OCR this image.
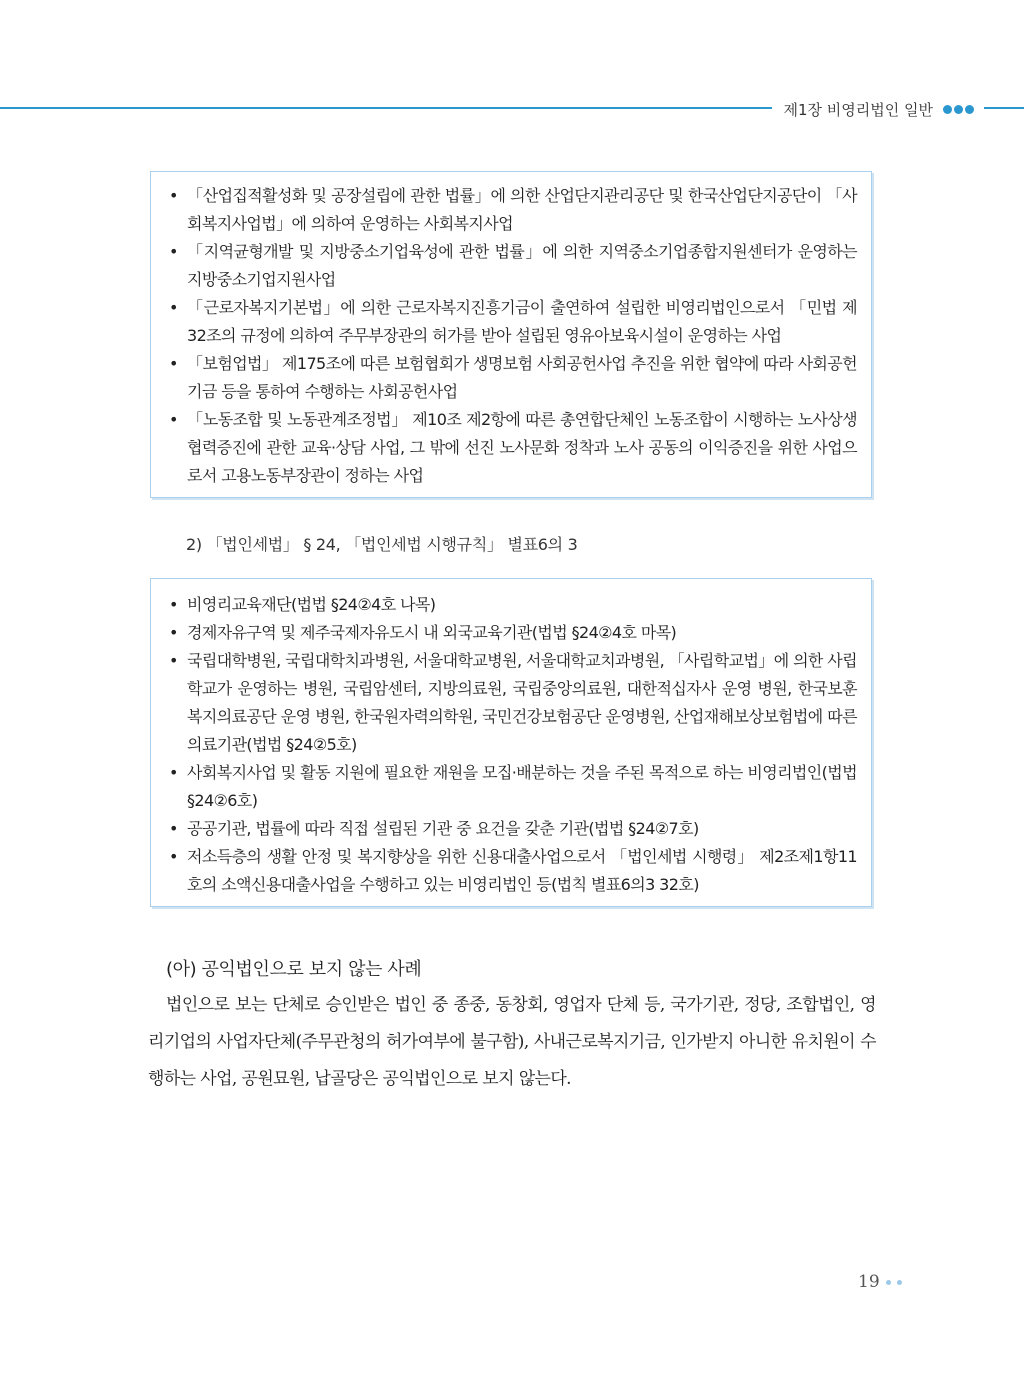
제1장 비영리법인 일반
• 「산업집적활성화 및 공장설립에 관한 법률」에 의한 산업단지관리공단 및 한국산업단지공단이 「사회복지사업법」에 의하여 운영하는 사회복지사업
• 「지역균형개발 및 지방중소기업육성에 관한 법률」에 의한 지역중소기업종합지원센터가 운영하는 지방중소기업지원사업
• 「근로자복지기본법」에 의한 근로자복지진흥기금이 출연하여 설립한 비영리법인으로서 「민법 제32조의 규정에 의하여 주무부장관의 허가를 받아 설립된 영유아보육시설이 운영하는 사업
• 「보험업법」 제175조에 따른 보험협회가 생명보험 사회공헌사업 추진을 위한 협약에 따라 사회공헌기금 등을 통하여 수행하는 사회공헌사업
• 「노동조합 및 노동관계조정법」 제10조 제2항에 따른 총연합단체인 노동조합이 시행하는 노사상생협력증진에 관한 교육·상담 사업, 그 밖에 선진 노사문화 정착과 노사 공동의 이익증진을 위한 사업으로서 고용노동부장관이 정하는 사업
2) 「법인세법」 § 24, 「법인세법 시행규칙」 별표6의 3
• 비영리교육재단(법법 §24②4호 나목)
• 경제자유구역 및 제주국제자유도시 내 외국교육기관(법법 §24②4호 마목)
• 국립대학병원, 국립대학치과병원, 서울대학교병원, 서울대학교치과병원, 「사립학교법」에 의한 사립학교가 운영하는 병원, 국립암센터, 지방의료원, 국립중앙의료원, 대한적십자사 운영 병원, 한국보훈복지의료공단 운영 병원, 한국원자력의학원, 국민건강보험공단 운영병원, 산업재해보상보험법에 따른 의료기관(법법 §24②5호)
• 사회복지사업 및 활동 지원에 필요한 재원을 모집·배분하는 것을 주된 목적으로 하는 비영리법인(법법 §24②6호)
• 공공기관, 법률에 따라 직접 설립된 기관 중 요건을 갖춘 기관(법법 §24②7호)
• 저소득층의 생활 안정 및 복지향상을 위한 신용대출사업으로서 「법인세법 시행령」 제2조제1항11호의 소액신용대출사업을 수행하고 있는 비영리법인 등(법칙 별표6의3 32호)
(아) 공익법인으로 보지 않는 사례
법인으로 보는 단체로 승인받은 법인 중 종중, 동창회, 영업자 단체 등, 국가기관, 정당, 조합법인, 영리기업의 사업자단체(주무관청의 허가여부에 불구함), 사내근로복지기금, 인가받지 아니한 유치원이 수행하는 사업, 공원묘원, 납골당은 공익법인으로 보지 않는다.
19
